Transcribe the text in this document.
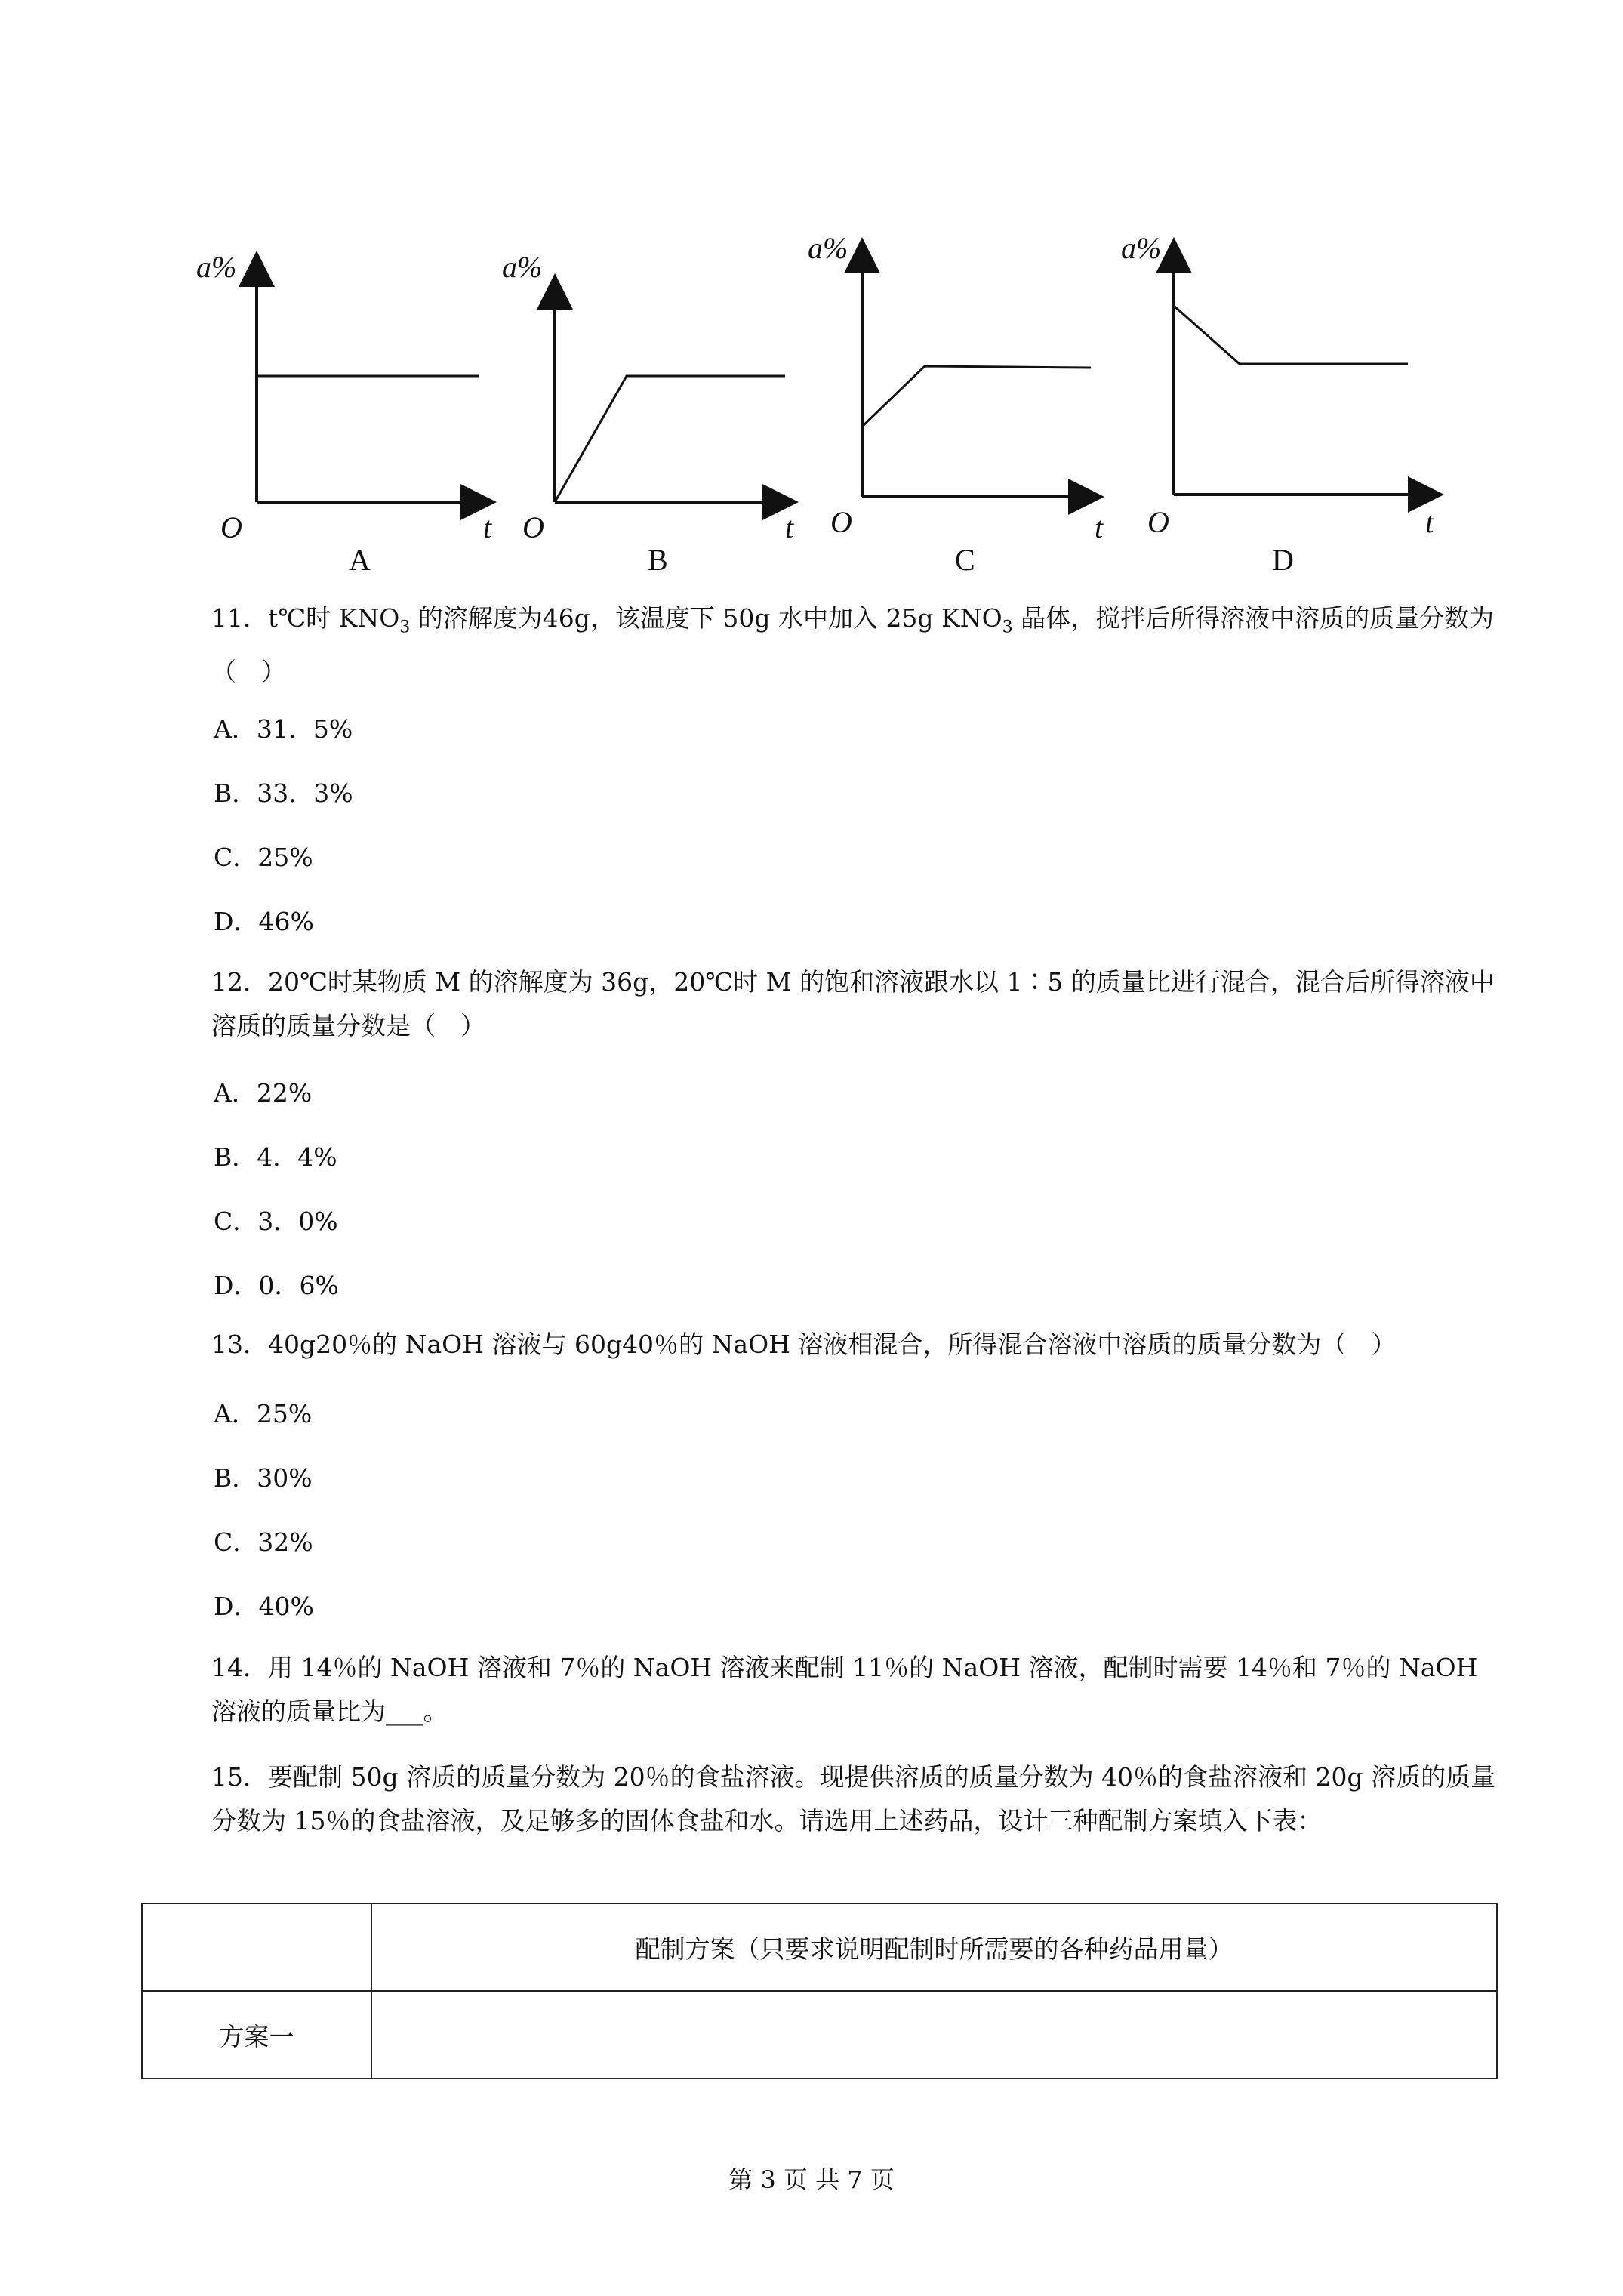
a%
O	t
A
a%
O	t
B
a%
O	t
C
a%
O	t
D
11．t℃时 $KNO_3$ 的溶解度为46g，该温度下 50g 水中加入 25g $KNO_3$ 晶体，搅拌后所得溶液中溶质的质量分数为（　）
A．31．5%
B．33．3%
C．25%
D．46%
12．20℃时某物质 M 的溶解度为 36g，20℃时 M 的饱和溶液跟水以 1∶5 的质量比进行混合，混合后所得溶液中溶质的质量分数是（　）
A．22%
B．4．4%
C．3．0%
D．0．6%
13．40g20％的 NaOH 溶液与 60g40％的 NaOH 溶液相混合，所得混合溶液中溶质的质量分数为（　）
A．25%
B．30%
C．32%
D．40%
14．用 14％的 NaOH 溶液和 7％的 NaOH 溶液来配制 11％的 NaOH 溶液，配制时需要 14％和 7％的 NaOH 溶液的质量比为___。
15．要配制 50g 溶质的质量分数为 20％的食盐溶液。现提供溶质的质量分数为 40％的食盐溶液和 20g 溶质的质量分数为 15％的食盐溶液，及足够多的固体食盐和水。请选用上述药品，设计三种配制方案填入下表：
	配制方案（只要求说明配制时所需要的各种药品用量）
方案一	
第 3 页 共 7 页
